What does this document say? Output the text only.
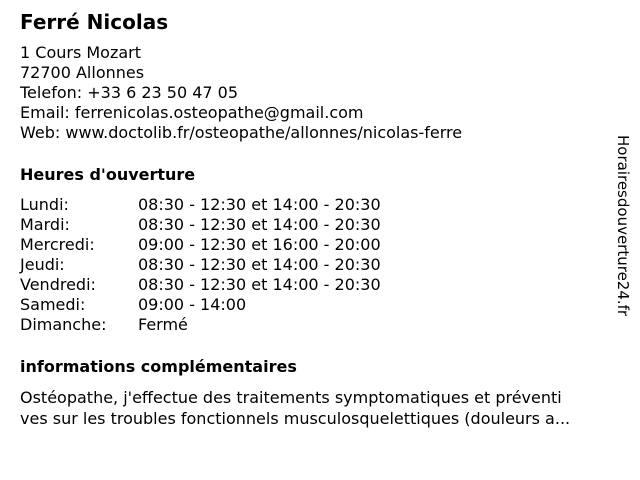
Ferré Nicolas
1 Cours Mozart
72700 Allonnes
Telefon: +33 6 23 50 47 05
Email: ferrenicolas.osteopathe@gmail.com
Web: www.doctolib.fr/osteopathe/allonnes/nicolas-ferre
Heures d'ouverture
Lundi:	08:30 - 12:30 et 14:00 - 20:30
Mardi:	08:30 - 12:30 et 14:00 - 20:30
Mercredi:	09:00 - 12:30 et 16:00 - 20:00
Jeudi:	08:30 - 12:30 et 14:00 - 20:30
Vendredi:	08:30 - 12:30 et 14:00 - 20:30
Samedi:	09:00 - 14:00
Dimanche:	Fermé
informations complémentaires
Ostéopathe, j'effectue des traitements symptomatiques et préventi
ves sur les troubles fonctionnels musculosquelettiques (douleurs a...
Horairesdouverture24.fr
